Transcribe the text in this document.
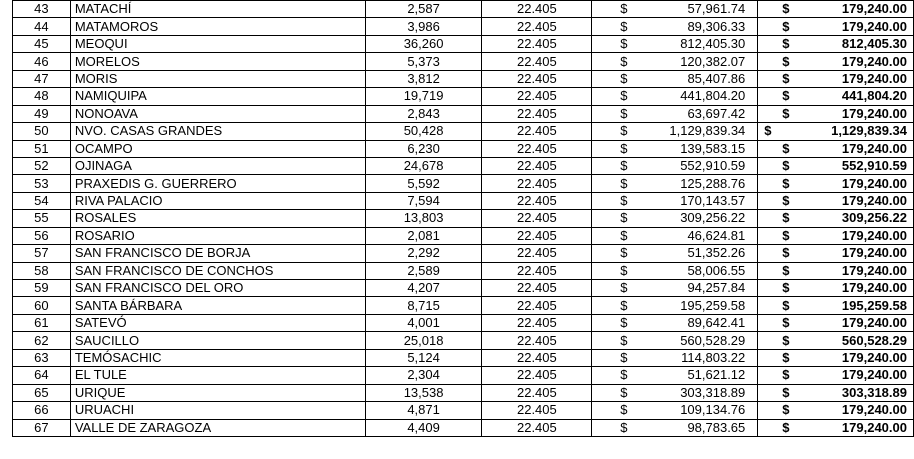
43	MATACHÍ	2,587	22.405	$ 57,961.74	$ 179,240.00

44	MATAMOROS	3,986	22.405	$ 89,306.33	$ 179,240.00

45	MEOQUI	36,260	22.405	$ 812,405.30	$ 812,405.30

46	MORELOS	5,373	22.405	$ 120,382.07	$ 179,240.00

47	MORIS	3,812	22.405	$ 85,407.86	$ 179,240.00

48	NAMIQUIPA	19,719	22.405	$ 441,804.20	$ 441,804.20

49	NONOAVA	2,843	22.405	$ 63,697.42	$ 179,240.00

50	NVO. CASAS GRANDES	50,428	22.405	$ 1,129,839.34	$ 1,129,839.34

51	OCAMPO	6,230	22.405	$ 139,583.15	$ 179,240.00

52	OJINAGA	24,678	22.405	$ 552,910.59	$ 552,910.59

53	PRAXEDIS G. GUERRERO	5,592	22.405	$ 125,288.76	$ 179,240.00

54	RIVA PALACIO	7,594	22.405	$ 170,143.57	$ 179,240.00

55	ROSALES	13,803	22.405	$ 309,256.22	$ 309,256.22

56	ROSARIO	2,081	22.405	$ 46,624.81	$ 179,240.00

57	SAN FRANCISCO DE BORJA	2,292	22.405	$ 51,352.26	$ 179,240.00

58	SAN FRANCISCO DE CONCHOS	2,589	22.405	$ 58,006.55	$ 179,240.00

59	SAN FRANCISCO DEL ORO	4,207	22.405	$ 94,257.84	$ 179,240.00

60	SANTA BÁRBARA	8,715	22.405	$ 195,259.58	$ 195,259.58

61	SATEVÓ	4,001	22.405	$ 89,642.41	$ 179,240.00

62	SAUCILLO	25,018	22.405	$ 560,528.29	$ 560,528.29

63	TEMÓSACHIC	5,124	22.405	$ 114,803.22	$ 179,240.00

64	EL TULE	2,304	22.405	$ 51,621.12	$ 179,240.00

65	URIQUE	13,538	22.405	$ 303,318.89	$ 303,318.89

66	URUACHI	4,871	22.405	$ 109,134.76	$ 179,240.00

67	VALLE DE ZARAGOZA	4,409	22.405	$ 98,783.65	$ 179,240.00
